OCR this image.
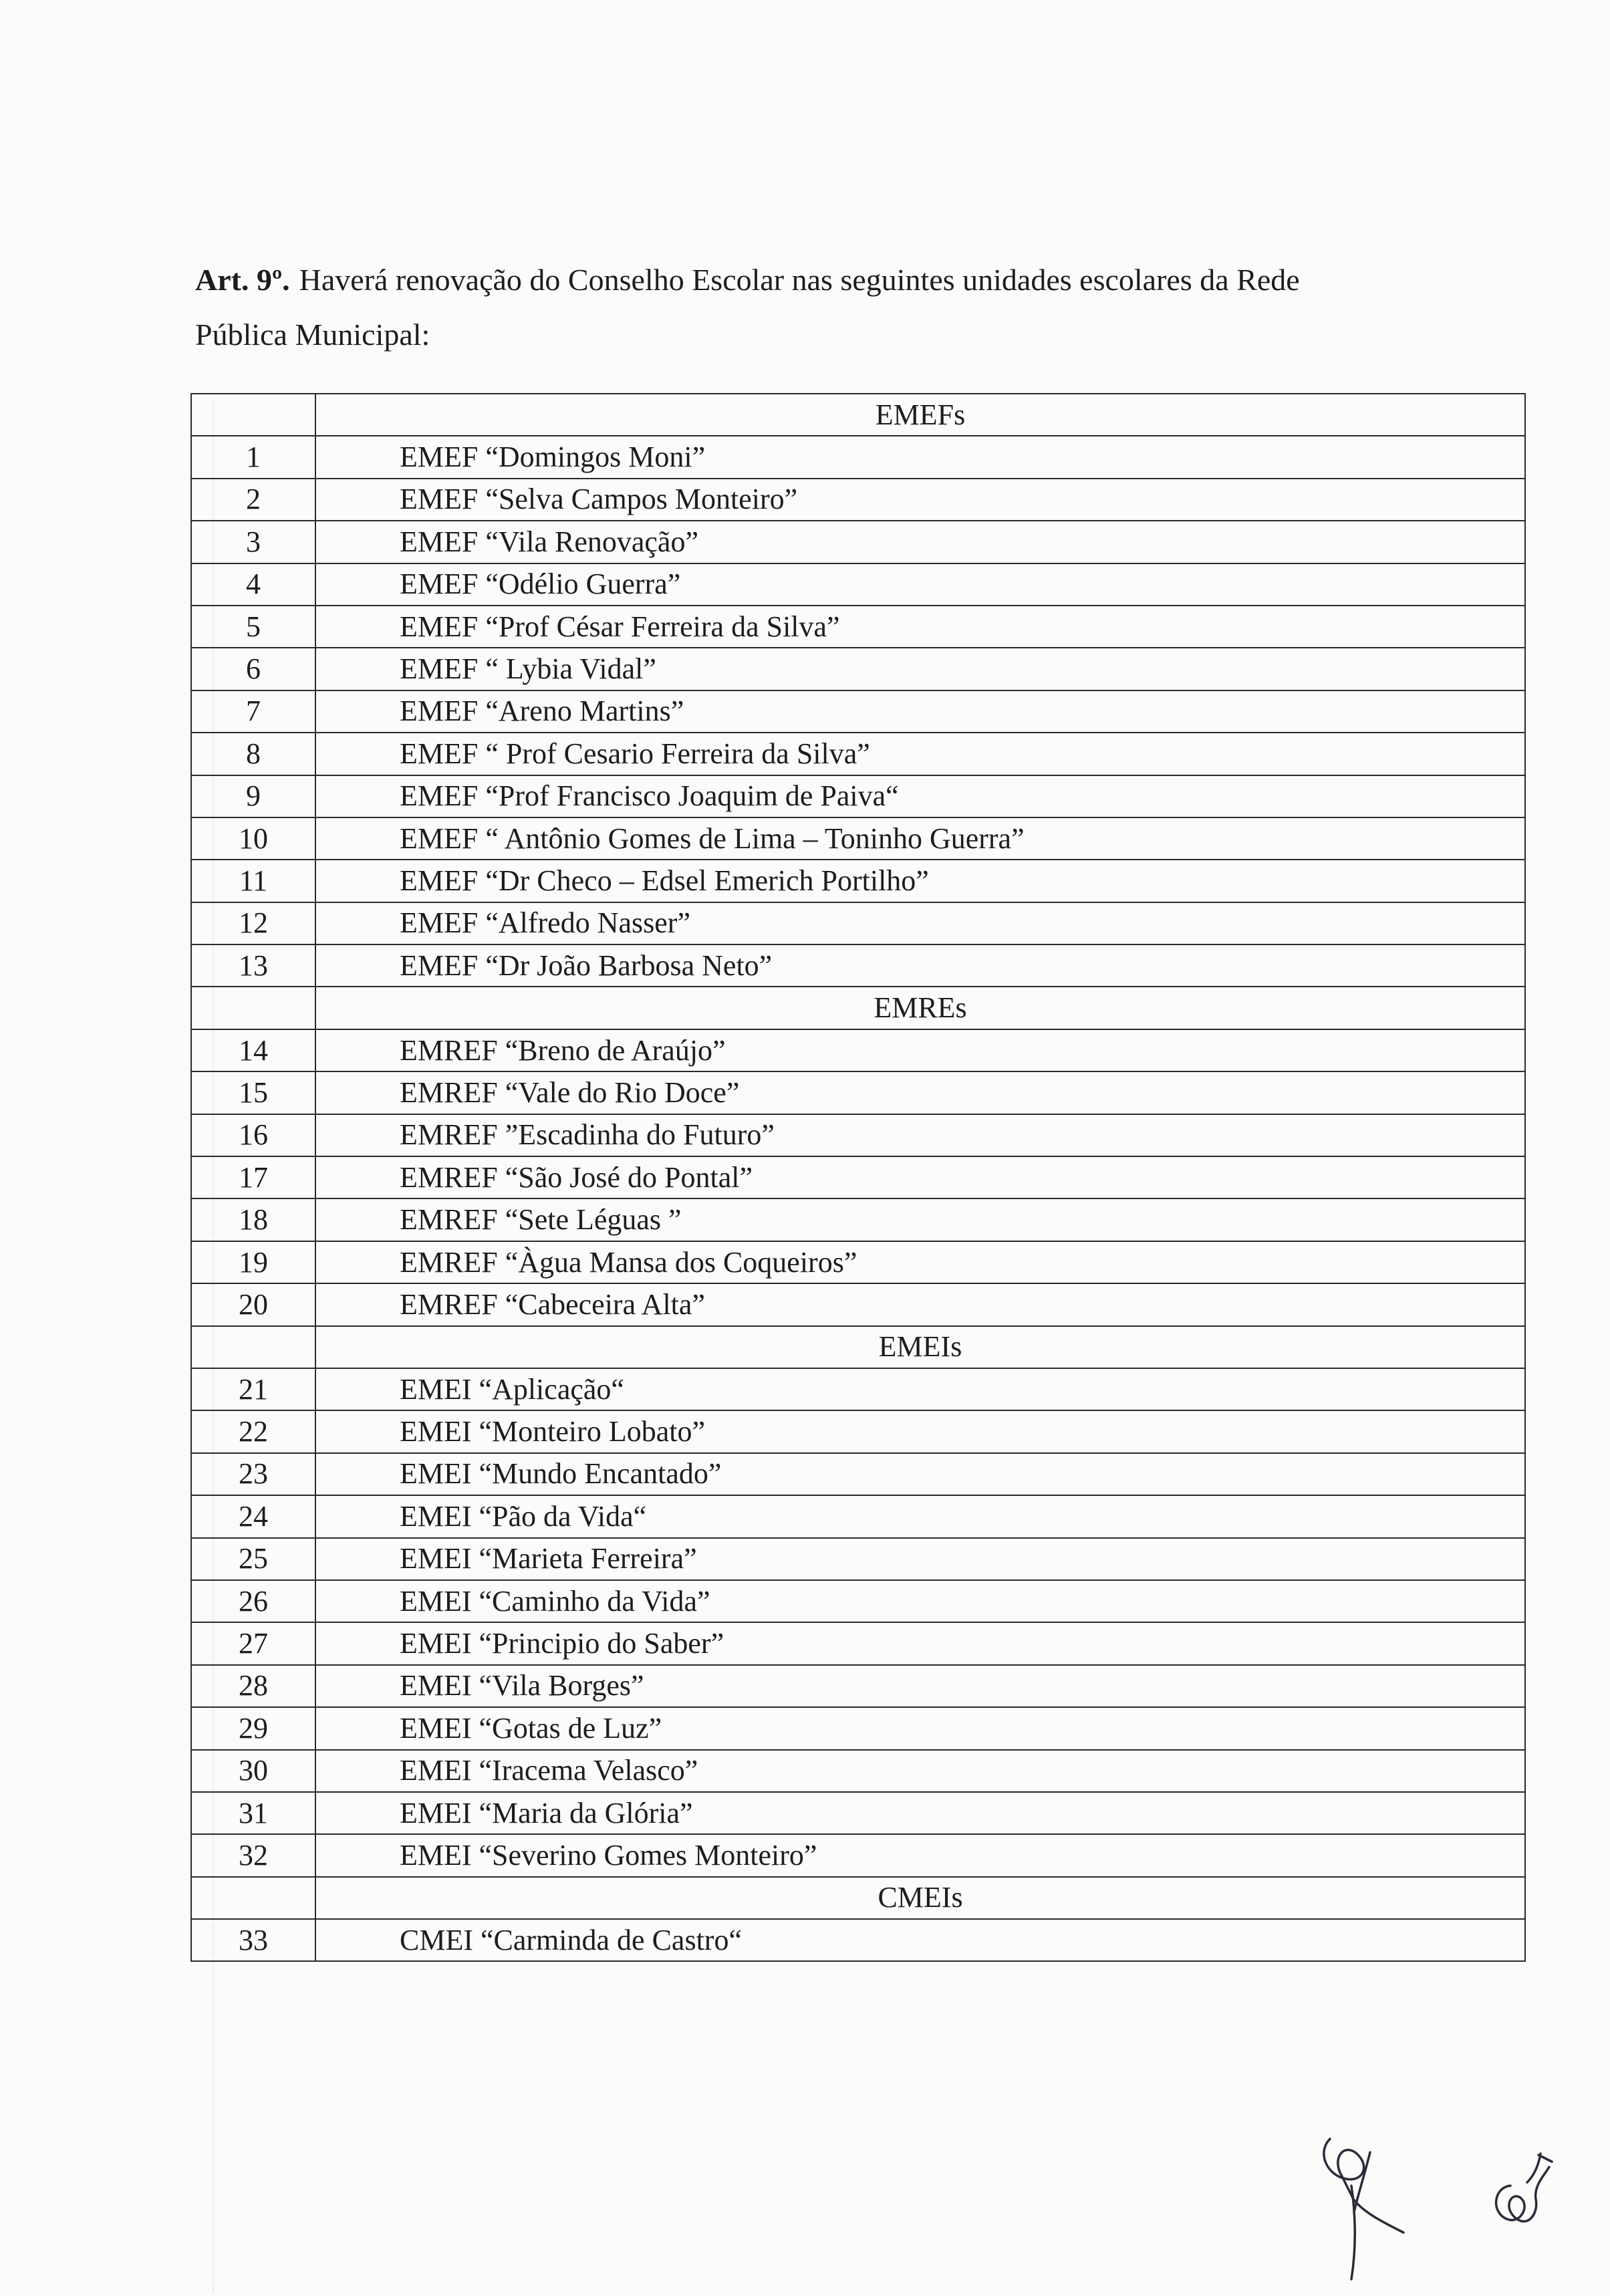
Art. 9º. Haverá renovação do Conselho Escolar nas seguintes unidades escolares da Rede Pública Municipal:

	EMEFs
1	EMEF “Domingos Moni”
2	EMEF “Selva Campos Monteiro”
3	EMEF “Vila Renovação”
4	EMEF “Odélio Guerra”
5	EMEF “Prof César Ferreira da Silva”
6	EMEF “ Lybia Vidal”
7	EMEF “Areno Martins”
8	EMEF “ Prof Cesario Ferreira da Silva”
9	EMEF “Prof Francisco Joaquim de Paiva“
10	EMEF “ Antônio Gomes de Lima – Toninho Guerra”
11	EMEF “Dr Checo – Edsel Emerich Portilho”
12	EMEF “Alfredo Nasser”
13	EMEF “Dr João Barbosa Neto”
	EMREs
14	EMREF “Breno de Araújo”
15	EMREF “Vale do Rio Doce”
16	EMREF ”Escadinha do Futuro”
17	EMREF “São José do Pontal”
18	EMREF “Sete Léguas ”
19	EMREF “Àgua Mansa dos Coqueiros”
20	EMREF “Cabeceira Alta”
	EMEIs
21	EMEI “Aplicação“
22	EMEI “Monteiro Lobato”
23	EMEI “Mundo Encantado”
24	EMEI “Pão da Vida“
25	EMEI “Marieta Ferreira”
26	EMEI “Caminho da Vida”
27	EMEI “Principio do Saber”
28	EMEI “Vila Borges”
29	EMEI “Gotas de Luz”
30	EMEI “Iracema Velasco”
31	EMEI “Maria da Glória”
32	EMEI “Severino Gomes Monteiro”
	CMEIs
33	CMEI “Carminda de Castro“
